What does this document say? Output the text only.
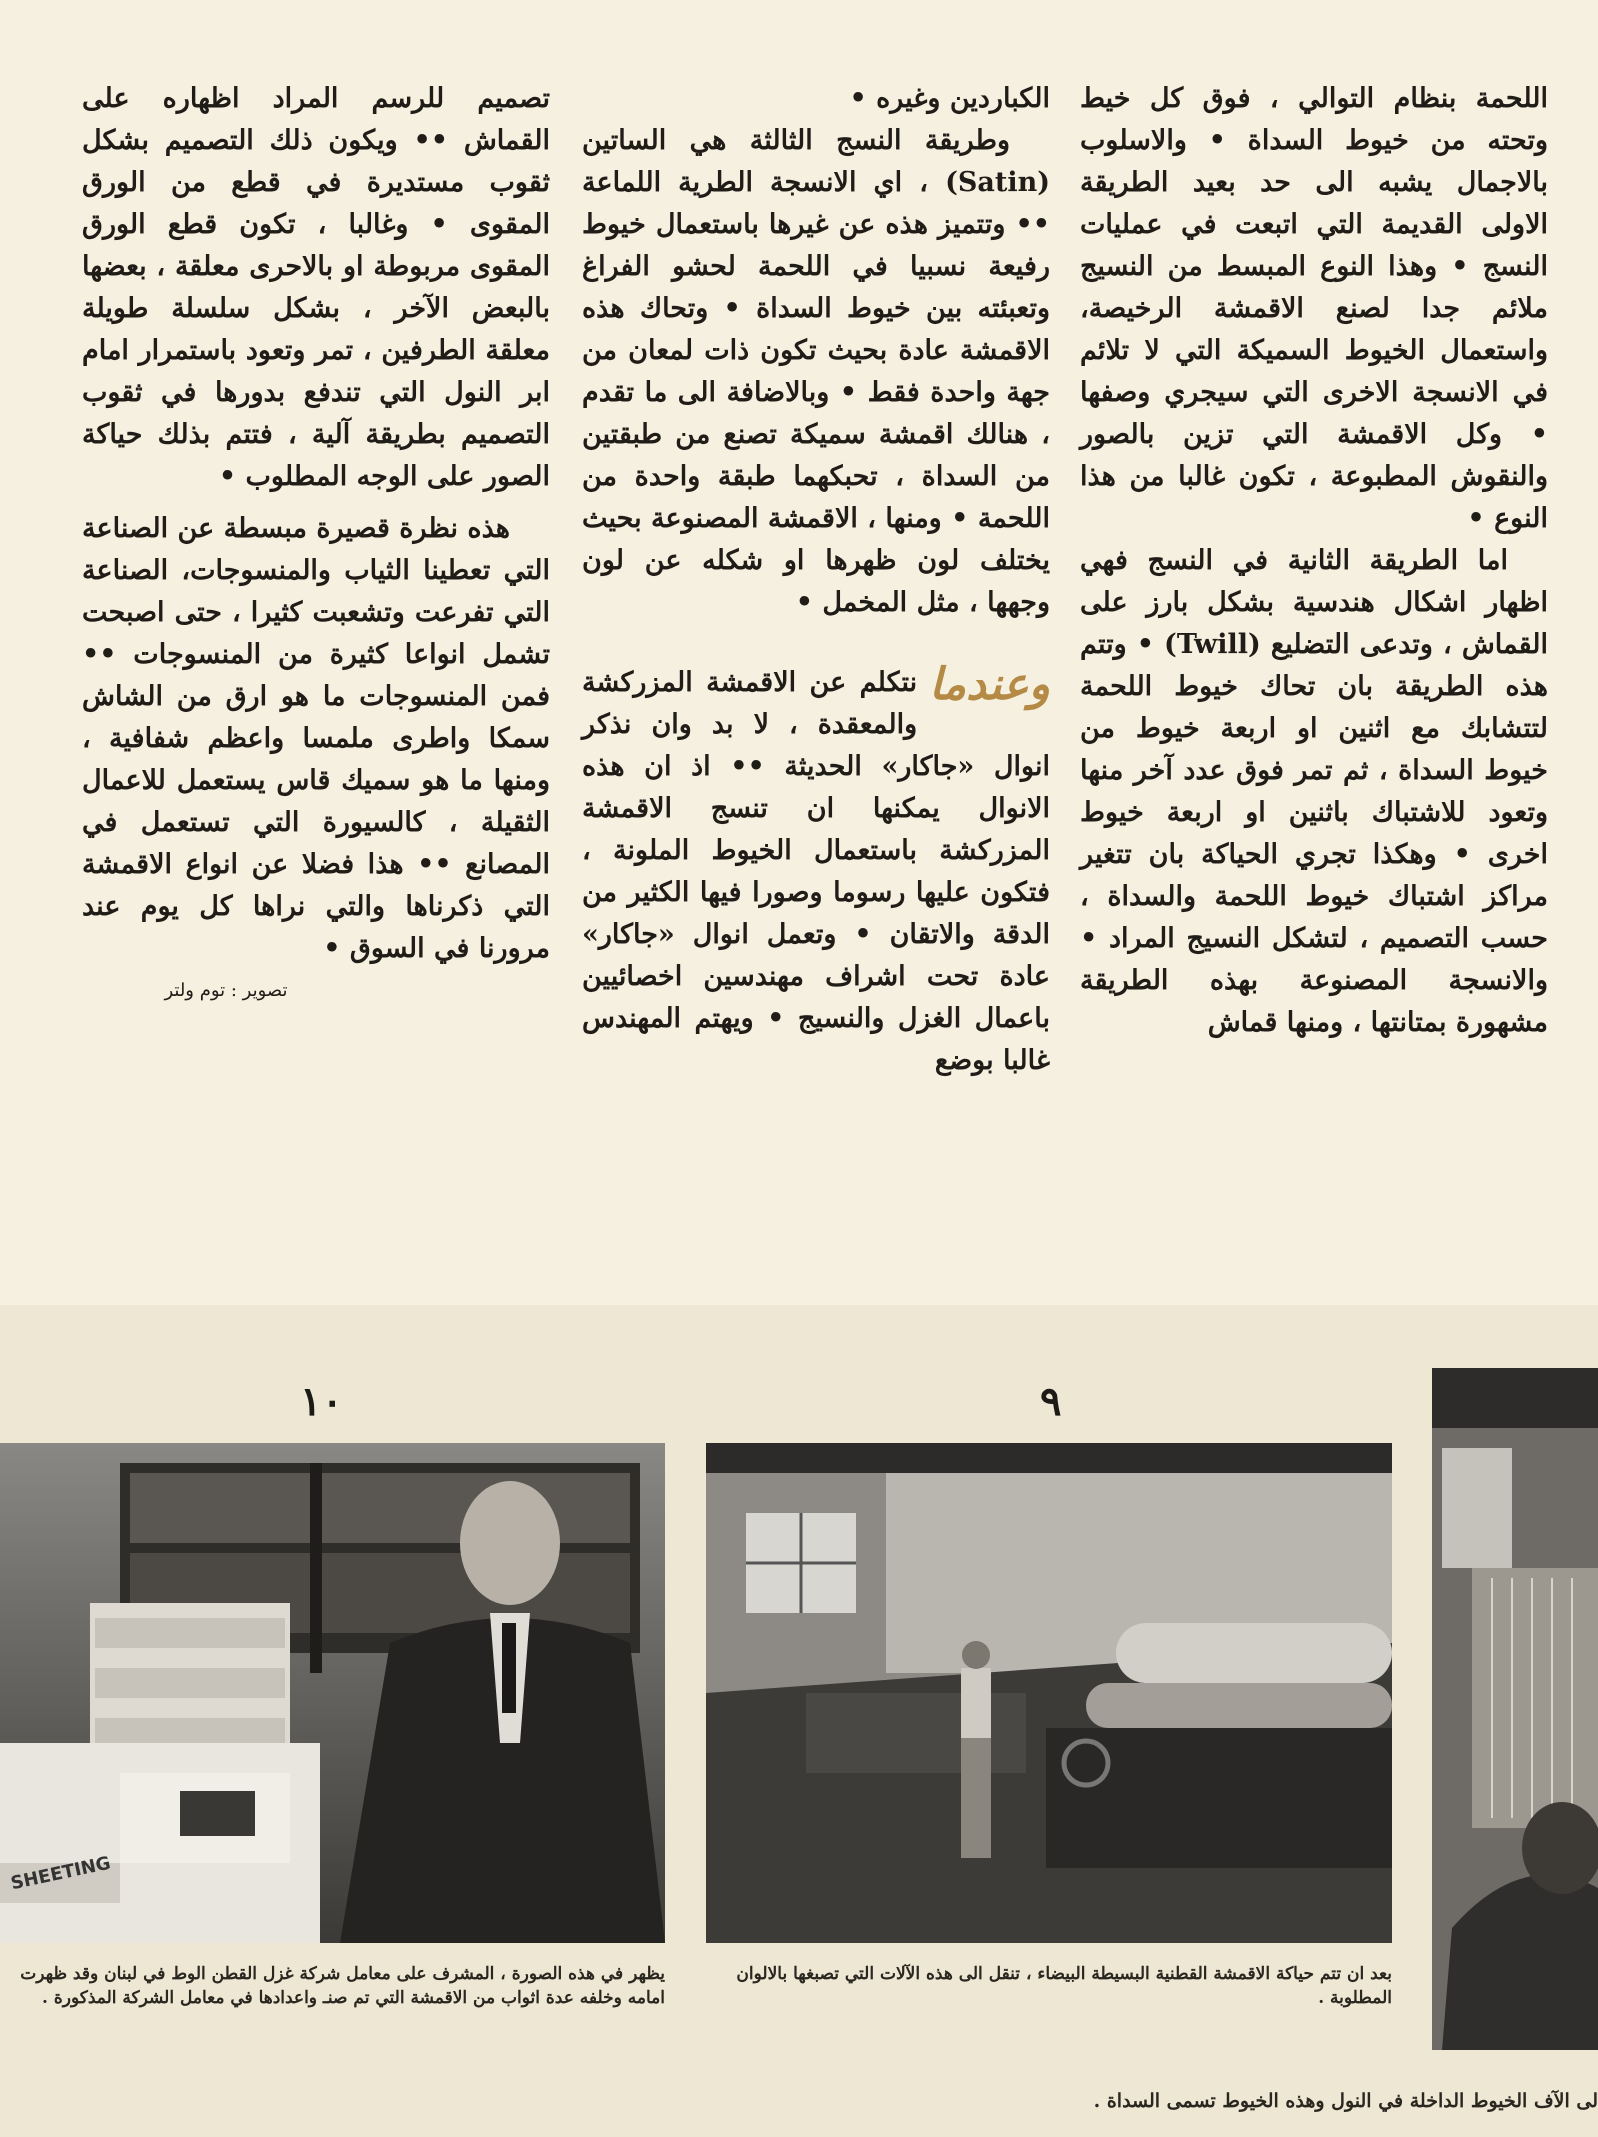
اللحمة بنظام التوالي ، فوق كل خيط وتحته من خيوط السداة • والاسلوب بالاجمال يشبه الى حد بعيد الطريقة الاولى القديمة التي اتبعت في عمليات النسج • وهذا النوع المبسط من النسيج ملائم جدا لصنع الاقمشة الرخيصة، واستعمال الخيوط السميكة التي لا تلائم في الانسجة الاخرى التي سيجري وصفها • وكل الاقمشة التي تزين بالصور والنقوش المطبوعة ، تكون غالبا من هذا النوع •

اما الطريقة الثانية في النسج فهي اظهار اشكال هندسية بشكل بارز على القماش ، وتدعى التضليع (Twill) • وتتم هذه الطريقة بان تحاك خيوط اللحمة لتتشابك مع اثنين او اربعة خيوط من خيوط السداة ، ثم تمر فوق عدد آخر منها وتعود للاشتباك باثنين او اربعة خيوط اخرى • وهكذا تجري الحياكة بان تتغير مراكز اشتباك خيوط اللحمة والسداة ، حسب التصميم ، لتشكل النسيج المراد • والانسجة المصنوعة بهذه الطريقة مشهورة بمتانتها ، ومنها قماش

الكباردين وغيره •

وطريقة النسج الثالثة هي الساتين (Satin) ، اي الانسجة الطرية اللماعة •• وتتميز هذه عن غيرها باستعمال خيوط رفيعة نسبيا في اللحمة لحشو الفراغ وتعبئته بين خيوط السداة • وتحاك هذه الاقمشة عادة بحيث تكون ذات لمعان من جهة واحدة فقط • وبالاضافة الى ما تقدم ، هنالك اقمشة سميكة تصنع من طبقتين من السداة ، تحبكهما طبقة واحدة من اللحمة • ومنها ، الاقمشة المصنوعة بحيث يختلف لون ظهرها او شكله عن لون وجهها ، مثل المخمل •

وعندما
نتكلم عن الاقمشة المزركشة والمعقدة ، لا بد وان نذكر انوال «جاكار» الحديثة •• اذ ان هذه الانوال يمكنها ان تنسج الاقمشة المزركشة باستعمال الخيوط الملونة ، فتكون عليها رسوما وصورا فيها الكثير من الدقة والاتقان • وتعمل انوال «جاكار» عادة تحت اشراف مهندسين اخصائيين باعمال الغزل والنسيج • ويهتم المهندس غالبا بوضع

تصميم للرسم المراد اظهاره على القماش •• ويكون ذلك التصميم بشكل ثقوب مستديرة في قطع من الورق المقوى • وغالبا ، تكون قطع الورق المقوى مربوطة او بالاحرى معلقة ، بعضها بالبعض الآخر ، بشكل سلسلة طويلة معلقة الطرفين ، تمر وتعود باستمرار امام ابر النول التي تندفع بدورها في ثقوب التصميم بطريقة آلية ، فتتم بذلك حياكة الصور على الوجه المطلوب •

هذه نظرة قصيرة مبسطة عن الصناعة التي تعطينا الثياب والمنسوجات، الصناعة التي تفرعت وتشعبت كثيرا ، حتى اصبحت تشمل انواعا كثيرة من المنسوجات •• فمن المنسوجات ما هو ارق من الشاش سمكا واطرى ملمسا واعظم شفافية ، ومنها ما هو سميك قاس يستعمل للاعمال الثقيلة ، كالسيورة التي تستعمل في المصانع •• هذا فضلا عن انواع الاقمشة التي ذكرناها والتي نراها كل يوم عند مرورنا في السوق •

تصوير : توم ولتر

١٠	٩
SHEETING
يظهر في هذه الصورة ، المشرف على معامل شركة غزل القطن الوط في لبنان وقد ظهرت امامه وخلفه عدة اثواب من الاقمشة التي تم صنـ واعدادها في معامل الشركة المذكورة .
بعد ان تتم حياكة الاقمشة القطنية البسيطة البيضاء ، تنقل الى هذه الآلات التي تصبغها بالالوان المطلوبة .
لى الآف الخيوط الداخلة في النول وهذه الخيوط تسمى السداة .
